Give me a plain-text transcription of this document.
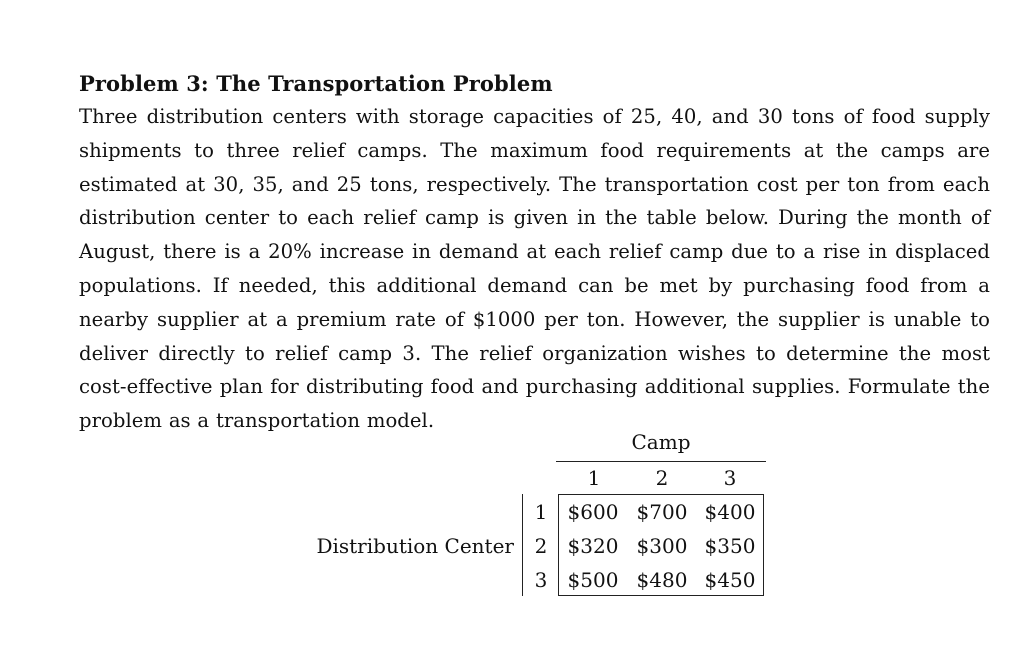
Problem 3: The Transportation Problem

Three distribution centers with storage capacities of 25, 40, and 30 tons of food supply shipments to three relief camps. The maximum food requirements at the camps are estimated at 30, 35, and 25 tons, respectively. The transportation cost per ton from each distribution center to each relief camp is given in the table below. During the month of August, there is a 20% increase in demand at each relief camp due to a rise in displaced populations. If needed, this additional demand can be met by purchasing food from a nearby supplier at a premium rate of $1000 per ton. However, the supplier is unable to deliver directly to relief camp 3. The relief organization wishes to determine the most cost-effective plan for distributing food and purchasing additional supplies. Formulate the problem as a transportation model.

Camp
1	2	3
Distribution Center
1
2
3
$600 $700 $400
$320 $300 $350
$500 $480 $450
